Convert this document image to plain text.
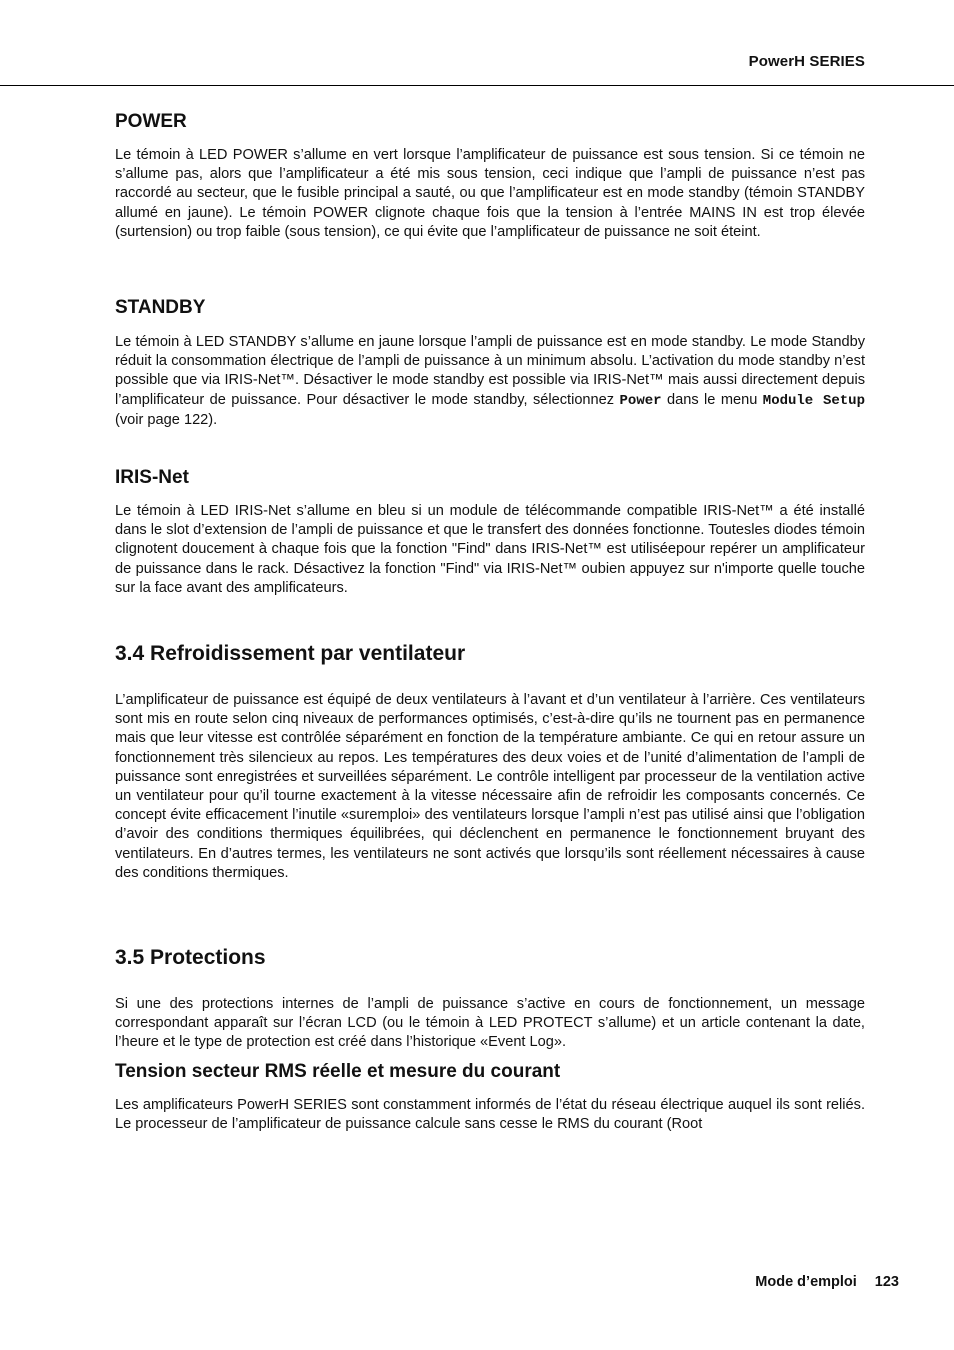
PowerH SERIES
POWER

Le témoin à LED POWER s’allume en vert lorsque l’amplificateur de puissance est sous tension. Si ce témoin ne s’allume pas, alors que l’amplificateur a été mis sous tension, ceci indique que l’ampli de puissance n’est pas raccordé au secteur, que le fusible principal a sauté, ou que l’amplificateur est en mode standby (témoin STANDBY allumé en jaune). Le témoin POWER clignote chaque fois que la tension à l’entrée MAINS IN est trop élevée (surtension) ou trop faible (sous tension), ce qui évite que l’amplificateur de puissance ne soit éteint.

STANDBY

Le témoin à LED STANDBY s’allume en jaune lorsque l’ampli de puissance est en mode standby. Le mode Standby réduit la consommation électrique de l’ampli de puissance à un minimum absolu. L’activation du mode standby n’est possible que via IRIS-Net™. Désactiver le mode standby est possible via IRIS-Net™ mais aussi directement depuis l’amplificateur de puissance. Pour désactiver le mode standby, sélectionnez Power dans le menu Module Setup (voir page 122).

IRIS-Net

Le témoin à LED IRIS-Net s’allume en bleu si un module de télécommande compatible IRIS-Net™ a été installé dans le slot d’extension de l’ampli de puissance et que le transfert des données fonctionne. Toutesles diodes témoin clignotent doucement à chaque fois que la fonction "Find" dans IRIS-Net™ est utiliséepour repérer un amplificateur de puissance dans le rack. Désactivez la fonction "Find" via IRIS-Net™ oubien appuyez sur n'importe quelle touche sur la face avant des amplificateurs.

3.4 Refroidissement par ventilateur

L’amplificateur de puissance est équipé de deux ventilateurs à l’avant et d’un ventilateur à l’arrière. Ces ventilateurs sont mis en route selon cinq niveaux de performances optimisés, c’est-à-dire qu’ils ne tournent pas en permanence mais que leur vitesse est contrôlée séparément en fonction de la température ambiante. Ce qui en retour assure un fonctionnement très silencieux au repos. Les températures des deux voies et de l’unité d’alimentation de l’ampli de puissance sont enregistrées et surveillées séparément. Le contrôle intelligent par processeur de la ventilation active un ventilateur pour qu’il tourne exactement à la vitesse nécessaire afin de refroidir les composants concernés. Ce concept évite efficacement l’inutile «suremploi» des ventilateurs lorsque l’ampli n’est pas utilisé ainsi que l’obligation d’avoir des conditions thermiques équilibrées, qui déclenchent en permanence le fonctionnement bruyant des ventilateurs. En d’autres termes, les ventilateurs ne sont activés que lorsqu’ils sont réellement nécessaires à cause des conditions thermiques.

3.5 Protections

Si une des protections internes de l’ampli de puissance s’active en cours de fonctionnement, un message correspondant apparaît sur l’écran LCD (ou le témoin à LED PROTECT s’allume) et un article contenant la date, l’heure et le type de protection est créé dans l’historique «Event Log».

Tension secteur RMS réelle et mesure du courant

Les amplificateurs PowerH SERIES sont constamment informés de l’état du réseau électrique auquel ils sont reliés. Le processeur de l’amplificateur de puissance calcule sans cesse le RMS du courant (Root

Mode d’emploi 123
